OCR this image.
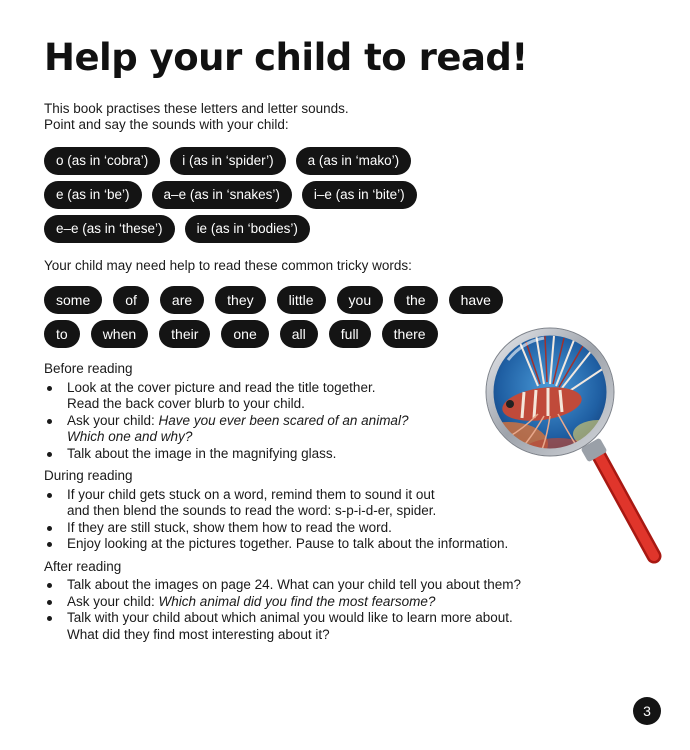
Help your child to read!

This book practises these letters and letter sounds.

Point and say the sounds with your child:

o (as in ‘cobra’)	i (as in ‘spider’)	a (as in ‘mako’)
e (as in ‘be’)	a–e (as in ‘snakes’)	i–e (as in ‘bite’)
e–e (as in ‘these’)	ie (as in ‘bodies’)

Your child may need help to read these common tricky words:

some	of	are	they	little	you	the	have
to	when	their	one	all	full	there

Before reading

Look at the cover picture and read the title together.
Read the back cover blurb to your child.
Ask your child: Have you ever been scared of an animal?
Which one and why?
Talk about the image in the magnifying glass.

During reading

If your child gets stuck on a word, remind them to sound it out
and then blend the sounds to read the word: s-p-i-d-er, spider.
If they are still stuck, show them how to read the word.
Enjoy looking at the pictures together. Pause to talk about the information.

After reading

Talk about the images on page 24. What can your child tell you about them?
Ask your child: Which animal did you find the most fearsome?
Talk with your child about which animal you would like to learn more about.
What did they find most interesting about it?
3
